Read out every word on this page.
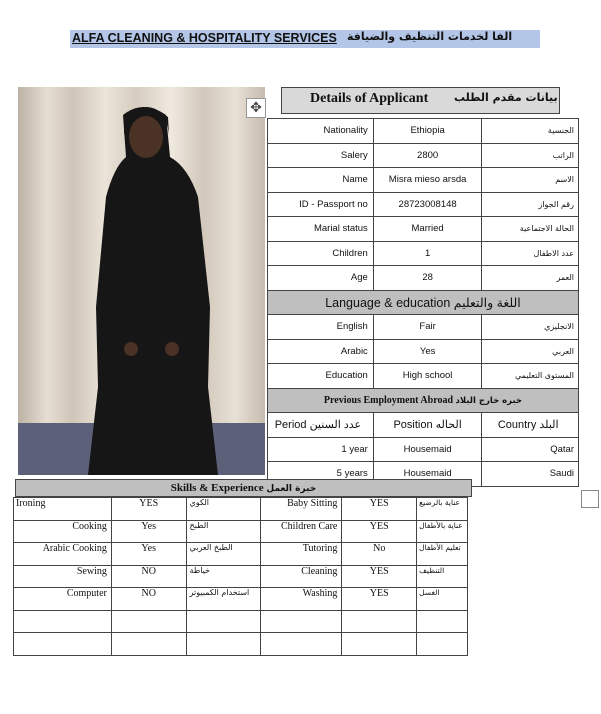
ALFA CLEANING & HOSPITALITY SERVICES الفا لخدمات التنظيف والضيافة
✥
Details of Applicant بيانات مقدم الطلب
Nationality	Ethiopia	الجنسية
Salery	2800	الراتب
Name	Misra mieso arsda	الاسم
ID - Passport no	28723008148	رقم الجواز
Marial status	Married	الحالة الاجتماعية
Children	1	عدد الاطفال
Age	28	العمر
Language & education اللغة والتعليم		
English	Fair	الانجليزي
Arabic	Yes	العربي
Education	High school	المستوى التعليمي
Previous Employment Abroad خبره خارج البلاد		
Period عدد السنين	Position الحاله	Country البلد
1 year	Housemaid	Qatar
5 years	Housemaid	Saudi
Skills & Experience خبرة العمل
Ironing	YES	الكوي	Baby Sitting	YES	عناية بالرضيع
Cooking	Yes	الطبخ	Children Care	YES	عناية بالأطفال
Arabic Cooking	Yes	الطبخ العربي	Tutoring	No	تعليم الأطفال
Sewing	NO	خياطة	Cleaning	YES	التنظيف
Computer	NO	استخدام الكمبيوتر	Washing	YES	الغسل
